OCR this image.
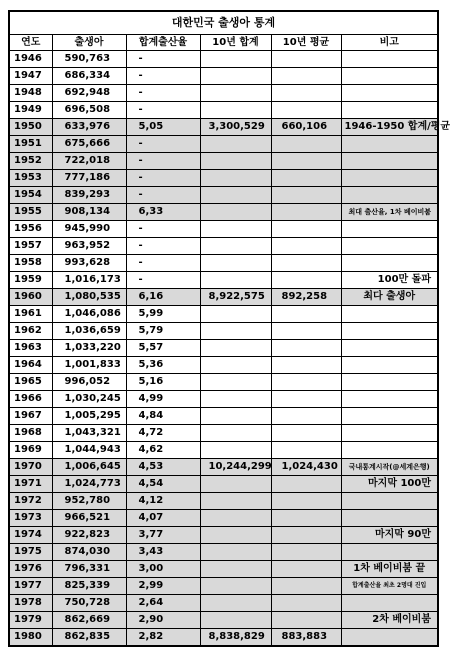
대한민국 출생아 통계
연도	출생아	합계출산율	10년 합계	10년 평균	비고
1946	590,763	-			
1947	686,334	-			
1948	692,948	-			
1949	696,508	-			
1950	633,976	5,05	3,300,529	660,106	1946-1950 합계/평균
1951	675,666	-			
1952	722,018	-			
1953	777,186	-			
1954	839,293	-			
1955	908,134	6,33			최대 출산율, 1차 베이비붐
1956	945,990	-			
1957	963,952	-			
1958	993,628	-			
1959	1,016,173	-			100만 돌파
1960	1,080,535	6,16	8,922,575	892,258	최다 출생아
1961	1,046,086	5,99			
1962	1,036,659	5,79			
1963	1,033,220	5,57			
1964	1,001,833	5,36			
1965	996,052	5,16			
1966	1,030,245	4,99			
1967	1,005,295	4,84			
1968	1,043,321	4,72			
1969	1,044,943	4,62			
1970	1,006,645	4,53	10,244,299	1,024,430	국내통계시작(@세계은행)
1971	1,024,773	4,54			마지막 100만
1972	952,780	4,12			
1973	966,521	4,07			
1974	922,823	3,77			마지막 90만
1975	874,030	3,43			
1976	796,331	3,00			1차 베이비붐 끝
1977	825,339	2,99			합계출산율 최초 2명대 진입
1978	750,728	2,64			
1979	862,669	2,90			2차 베이비붐
1980	862,835	2,82	8,838,829	883,883	
